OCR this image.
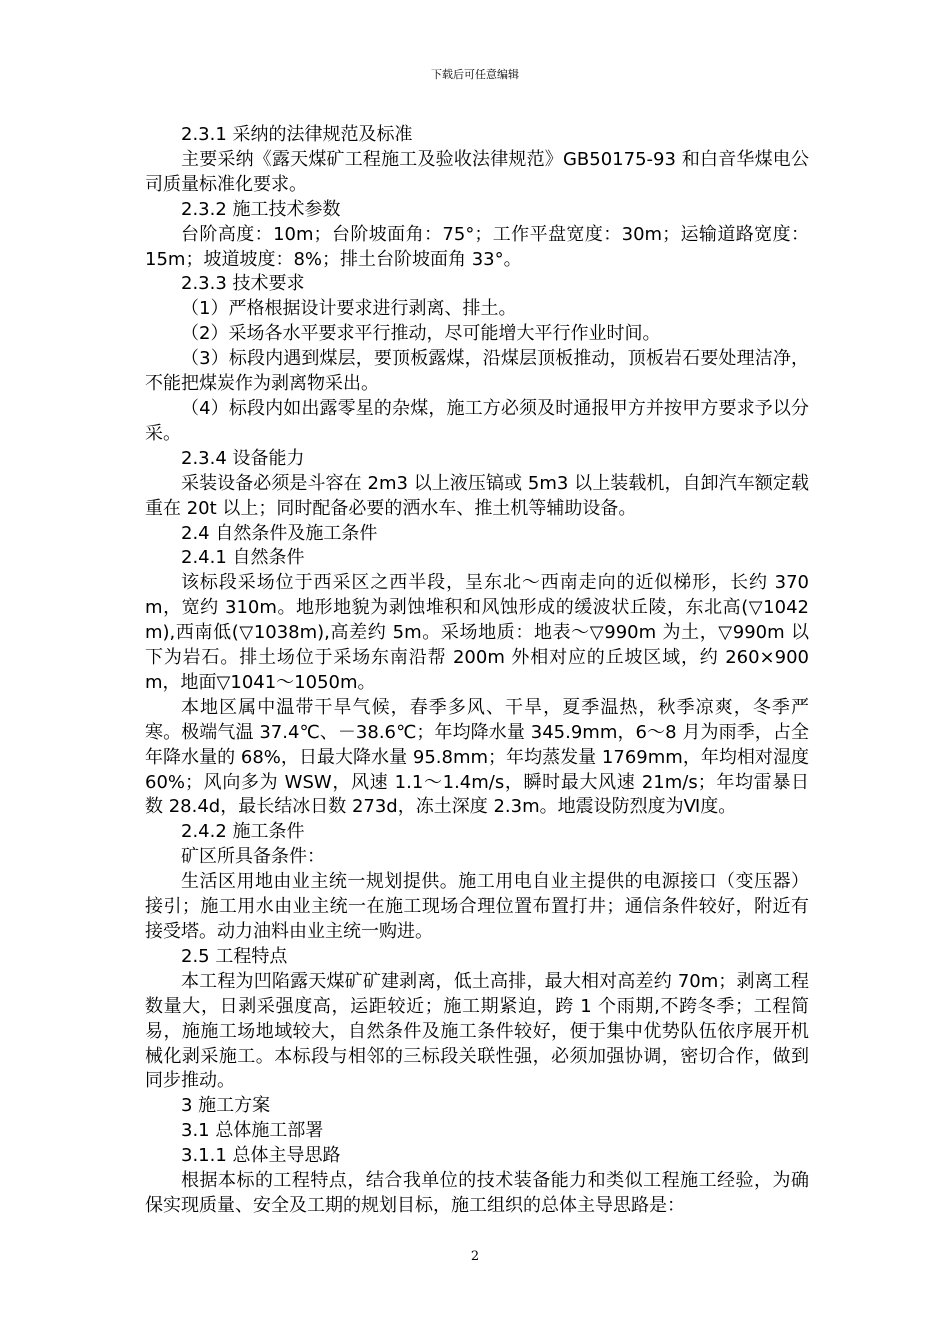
下载后可任意编辑

2.3.1 采纳的法律规范及标准

主要采纳《露天煤矿工程施工及验收法律规范》GB50175-93 和白音华煤电公司质量标准化要求。

2.3.2 施工技术参数

台阶高度：10m；台阶坡面角：75°；工作平盘宽度：30m；运输道路宽度：15m；坡道坡度：8%；排土台阶坡面角 33°。

2.3.3 技术要求

（1）严格根据设计要求进行剥离、排土。

（2）采场各水平要求平行推动，尽可能增大平行作业时间。

（3）标段内遇到煤层，要顶板露煤，沿煤层顶板推动，顶板岩石要处理洁净，不能把煤炭作为剥离物采出。

（4）标段内如出露零星的杂煤，施工方必须及时通报甲方并按甲方要求予以分采。

2.3.4 设备能力

采装设备必须是斗容在 2m3 以上液压镐或 5m3 以上装载机，自卸汽车额定载重在 20t 以上；同时配备必要的洒水车、推土机等辅助设备。

2.4 自然条件及施工条件

2.4.1 自然条件

该标段采场位于西采区之西半段，呈东北～西南走向的近似梯形，长约 370m，宽约 310m。地形地貌为剥蚀堆积和风蚀形成的缓波状丘陵，东北高(▽1042m),西南低(▽1038m),高差约 5m。采场地质：地表～▽990m 为土，▽990m 以下为岩石。排土场位于采场东南沿帮 200m 外相对应的丘坡区域，约 260×900m，地面▽1041～1050m。

本地区属中温带干旱气候，春季多风、干旱，夏季温热，秋季凉爽，冬季严寒。极端气温 37.4℃、－38.6℃；年均降水量 345.9mm，6～8 月为雨季，占全年降水量的 68%，日最大降水量 95.8mm；年均蒸发量 1769mm，年均相对湿度 60%；风向多为 WSW，风速 1.1～1.4m/s，瞬时最大风速 21m/s；年均雷暴日数 28.4d，最长结冰日数 273d，冻土深度 2.3m。地震设防烈度为Ⅵ度。

2.4.2 施工条件

矿区所具备条件：

生活区用地由业主统一规划提供。施工用电自业主提供的电源接口（变压器）接引；施工用水由业主统一在施工现场合理位置布置打井；通信条件较好，附近有接受塔。动力油料由业主统一购进。

2.5 工程特点

本工程为凹陷露天煤矿矿建剥离，低土高排，最大相对高差约 70m；剥离工程数量大，日剥采强度高，运距较近；施工期紧迫，跨 1 个雨期,不跨冬季；工程简易，施施工场地域较大，自然条件及施工条件较好，便于集中优势队伍依序展开机械化剥采施工。本标段与相邻的三标段关联性强，必须加强协调，密切合作，做到同步推动。

3 施工方案

3.1 总体施工部署

3.1.1 总体主导思路

根据本标的工程特点，结合我单位的技术装备能力和类似工程施工经验，为确保实现质量、安全及工期的规划目标，施工组织的总体主导思路是：

2
